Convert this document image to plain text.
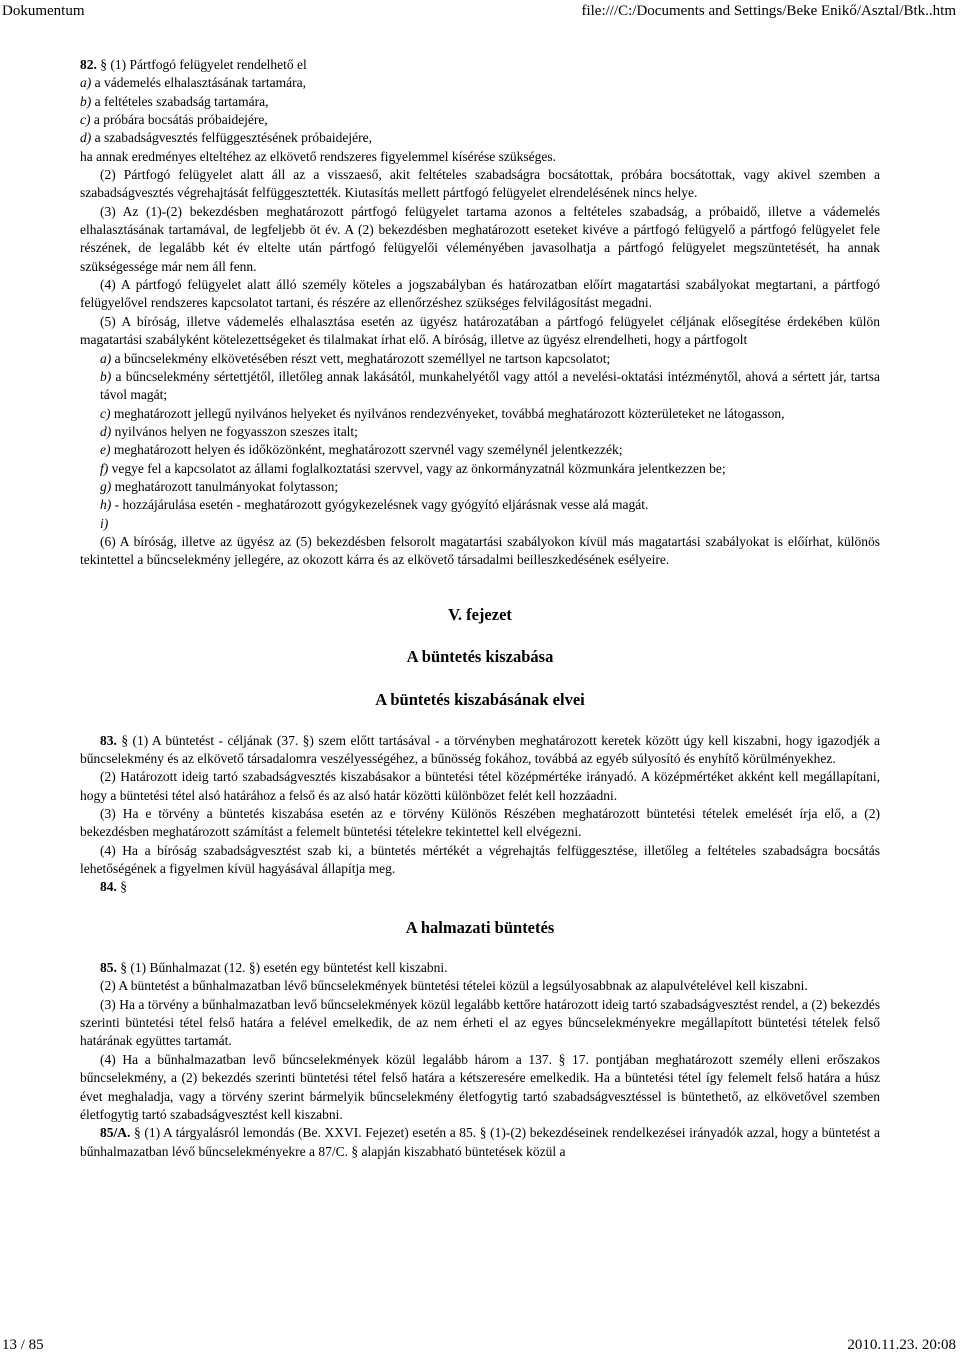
Dokumentum	file:///C:/Documents and Settings/Beke Enikő/Asztal/Btk..htm

82. § (1) Pártfogó felügyelet rendelhető el

a) a vádemelés elhalasztásának tartamára,

b) a feltételes szabadság tartamára,

c) a próbára bocsátás próbaidejére,

d) a szabadságvesztés felfüggesztésének próbaidejére,

ha annak eredményes elteltéhez az elkövető rendszeres figyelemmel kísérése szükséges.

(2) Pártfogó felügyelet alatt áll az a visszaeső, akit feltételes szabadságra bocsátottak, próbára bocsátottak, vagy akivel szemben a szabadságvesztés végrehajtását felfüggesztették. Kiutasítás mellett pártfogó felügyelet elrendelésének nincs helye.

(3) Az (1)-(2) bekezdésben meghatározott pártfogó felügyelet tartama azonos a feltételes szabadság, a próbaidő, illetve a vádemelés elhalasztásának tartamával, de legfeljebb öt év. A (2) bekezdésben meghatározott eseteket kivéve a pártfogó felügyelő a pártfogó felügyelet fele részének, de legalább két év eltelte után pártfogó felügyelői véleményében javasolhatja a pártfogó felügyelet megszüntetését, ha annak szükségessége már nem áll fenn.

(4) A pártfogó felügyelet alatt álló személy köteles a jogszabályban és határozatban előírt magatartási szabályokat megtartani, a pártfogó felügyelővel rendszeres kapcsolatot tartani, és részére az ellenőrzéshez szükséges felvilágosítást megadni.

(5) A bíróság, illetve vádemelés elhalasztása esetén az ügyész határozatában a pártfogó felügyelet céljának elősegítése érdekében külön magatartási szabályként kötelezettségeket és tilalmakat írhat elő. A bíróság, illetve az ügyész elrendelheti, hogy a pártfogolt

a) a bűncselekmény elkövetésében részt vett, meghatározott személlyel ne tartson kapcsolatot;

b) a bűncselekmény sértettjétől, illetőleg annak lakásától, munkahelyétől vagy attól a nevelési-oktatási intézménytől, ahová a sértett jár, tartsa távol magát;

c) meghatározott jellegű nyilvános helyeket és nyilvános rendezvényeket, továbbá meghatározott közterületeket ne látogasson,

d) nyilvános helyen ne fogyasszon szeszes italt;

e) meghatározott helyen és időközönként, meghatározott szervnél vagy személynél jelentkezzék;

f) vegye fel a kapcsolatot az állami foglalkoztatási szervvel, vagy az önkormányzatnál közmunkára jelentkezzen be;

g) meghatározott tanulmányokat folytasson;

h) - hozzájárulása esetén - meghatározott gyógykezelésnek vagy gyógyító eljárásnak vesse alá magát.

i)

(6) A bíróság, illetve az ügyész az (5) bekezdésben felsorolt magatartási szabályokon kívül más magatartási szabályokat is előírhat, különös tekintettel a bűncselekmény jellegére, az okozott kárra és az elkövető társadalmi beilleszkedésének esélyeire.

V. fejezet

A büntetés kiszabása

A büntetés kiszabásának elvei

83. § (1) A büntetést - céljának (37. §) szem előtt tartásával - a törvényben meghatározott keretek között úgy kell kiszabni, hogy igazodjék a bűncselekmény és az elkövető társadalomra veszélyességéhez, a bűnösség fokához, továbbá az egyéb súlyosító és enyhítő körülményekhez.

(2) Határozott ideig tartó szabadságvesztés kiszabásakor a büntetési tétel középmértéke irányadó. A középmértéket akként kell megállapítani, hogy a büntetési tétel alsó határához a felső és az alsó határ közötti különbözet felét kell hozzáadni.

(3) Ha e törvény a büntetés kiszabása esetén az e törvény Különös Részében meghatározott büntetési tételek emelését írja elő, a (2) bekezdésben meghatározott számítást a felemelt büntetési tételekre tekintettel kell elvégezni.

(4) Ha a bíróság szabadságvesztést szab ki, a büntetés mértékét a végrehajtás felfüggesztése, illetőleg a feltételes szabadságra bocsátás lehetőségének a figyelmen kívül hagyásával állapítja meg.

84. §

A halmazati büntetés

85. § (1) Bűnhalmazat (12. §) esetén egy büntetést kell kiszabni.

(2) A büntetést a bűnhalmazatban lévő bűncselekmények büntetési tételei közül a legsúlyosabbnak az alapulvételével kell kiszabni.

(3) Ha a törvény a bűnhalmazatban levő bűncselekmények közül legalább kettőre határozott ideig tartó szabadságvesztést rendel, a (2) bekezdés szerinti büntetési tétel felső határa a felével emelkedik, de az nem érheti el az egyes bűncselekményekre megállapított büntetési tételek felső határának együttes tartamát.

(4) Ha a bűnhalmazatban levő bűncselekmények közül legalább három a 137. § 17. pontjában meghatározott személy elleni erőszakos bűncselekmény, a (2) bekezdés szerinti büntetési tétel felső határa a kétszeresére emelkedik. Ha a büntetési tétel így felemelt felső határa a húsz évet meghaladja, vagy a törvény szerint bármelyik bűncselekmény életfogytig tartó szabadságvesztéssel is büntethető, az elkövetővel szemben életfogytig tartó szabadságvesztést kell kiszabni.

85/A. § (1) A tárgyalásról lemondás (Be. XXVI. Fejezet) esetén a 85. § (1)-(2) bekezdéseinek rendelkezései irányadók azzal, hogy a büntetést a bűnhalmazatban lévő bűncselekményekre a 87/C. § alapján kiszabható büntetések közül a

13 / 85	2010.11.23. 20:08
